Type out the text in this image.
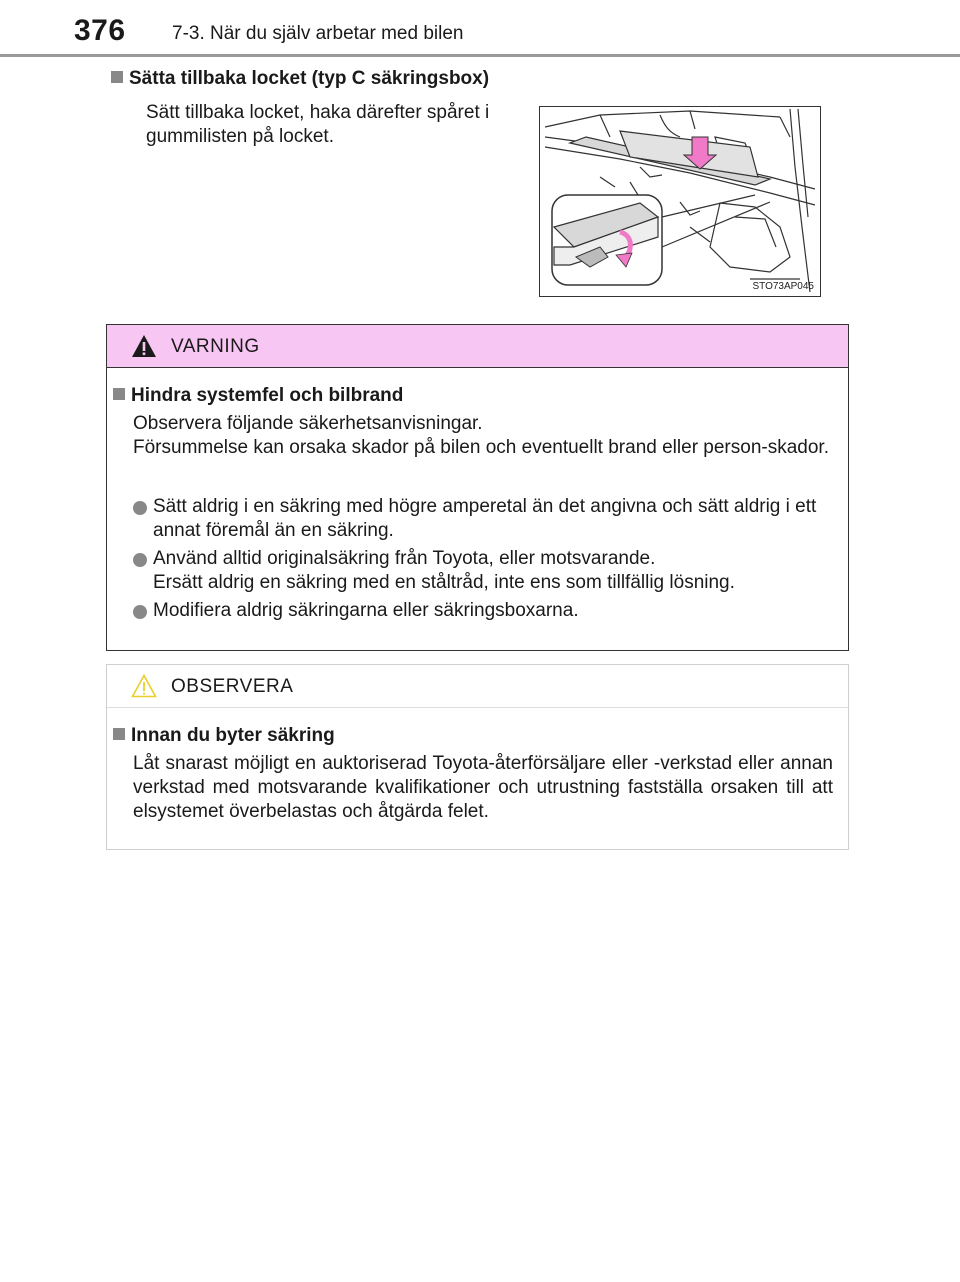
376 7-3. När du själv arbetar med bilen
Sätta tillbaka locket (typ C säkringsbox)
Sätt tillbaka locket, haka därefter spåret i gummilisten på locket.
STO73AP045
VARNING
Hindra systemfel och bilbrand
Observera följande säkerhetsanvisningar.
Försummelse kan orsaka skador på bilen och eventuellt brand eller person-skador.
Sätt aldrig i en säkring med högre amperetal än det angivna och sätt aldrig i ett annat föremål än en säkring.
Använd alltid originalsäkring från Toyota, eller motsvarande.
Ersätt aldrig en säkring med en ståltråd, inte ens som tillfällig lösning.
Modifiera aldrig säkringarna eller säkringsboxarna.
OBSERVERA
Innan du byter säkring
Låt snarast möjligt en auktoriserad Toyota-återförsäljare eller -verkstad eller annan verkstad med motsvarande kvalifikationer och utrustning fastställa orsaken till att elsystemet överbelastas och åtgärda felet.
